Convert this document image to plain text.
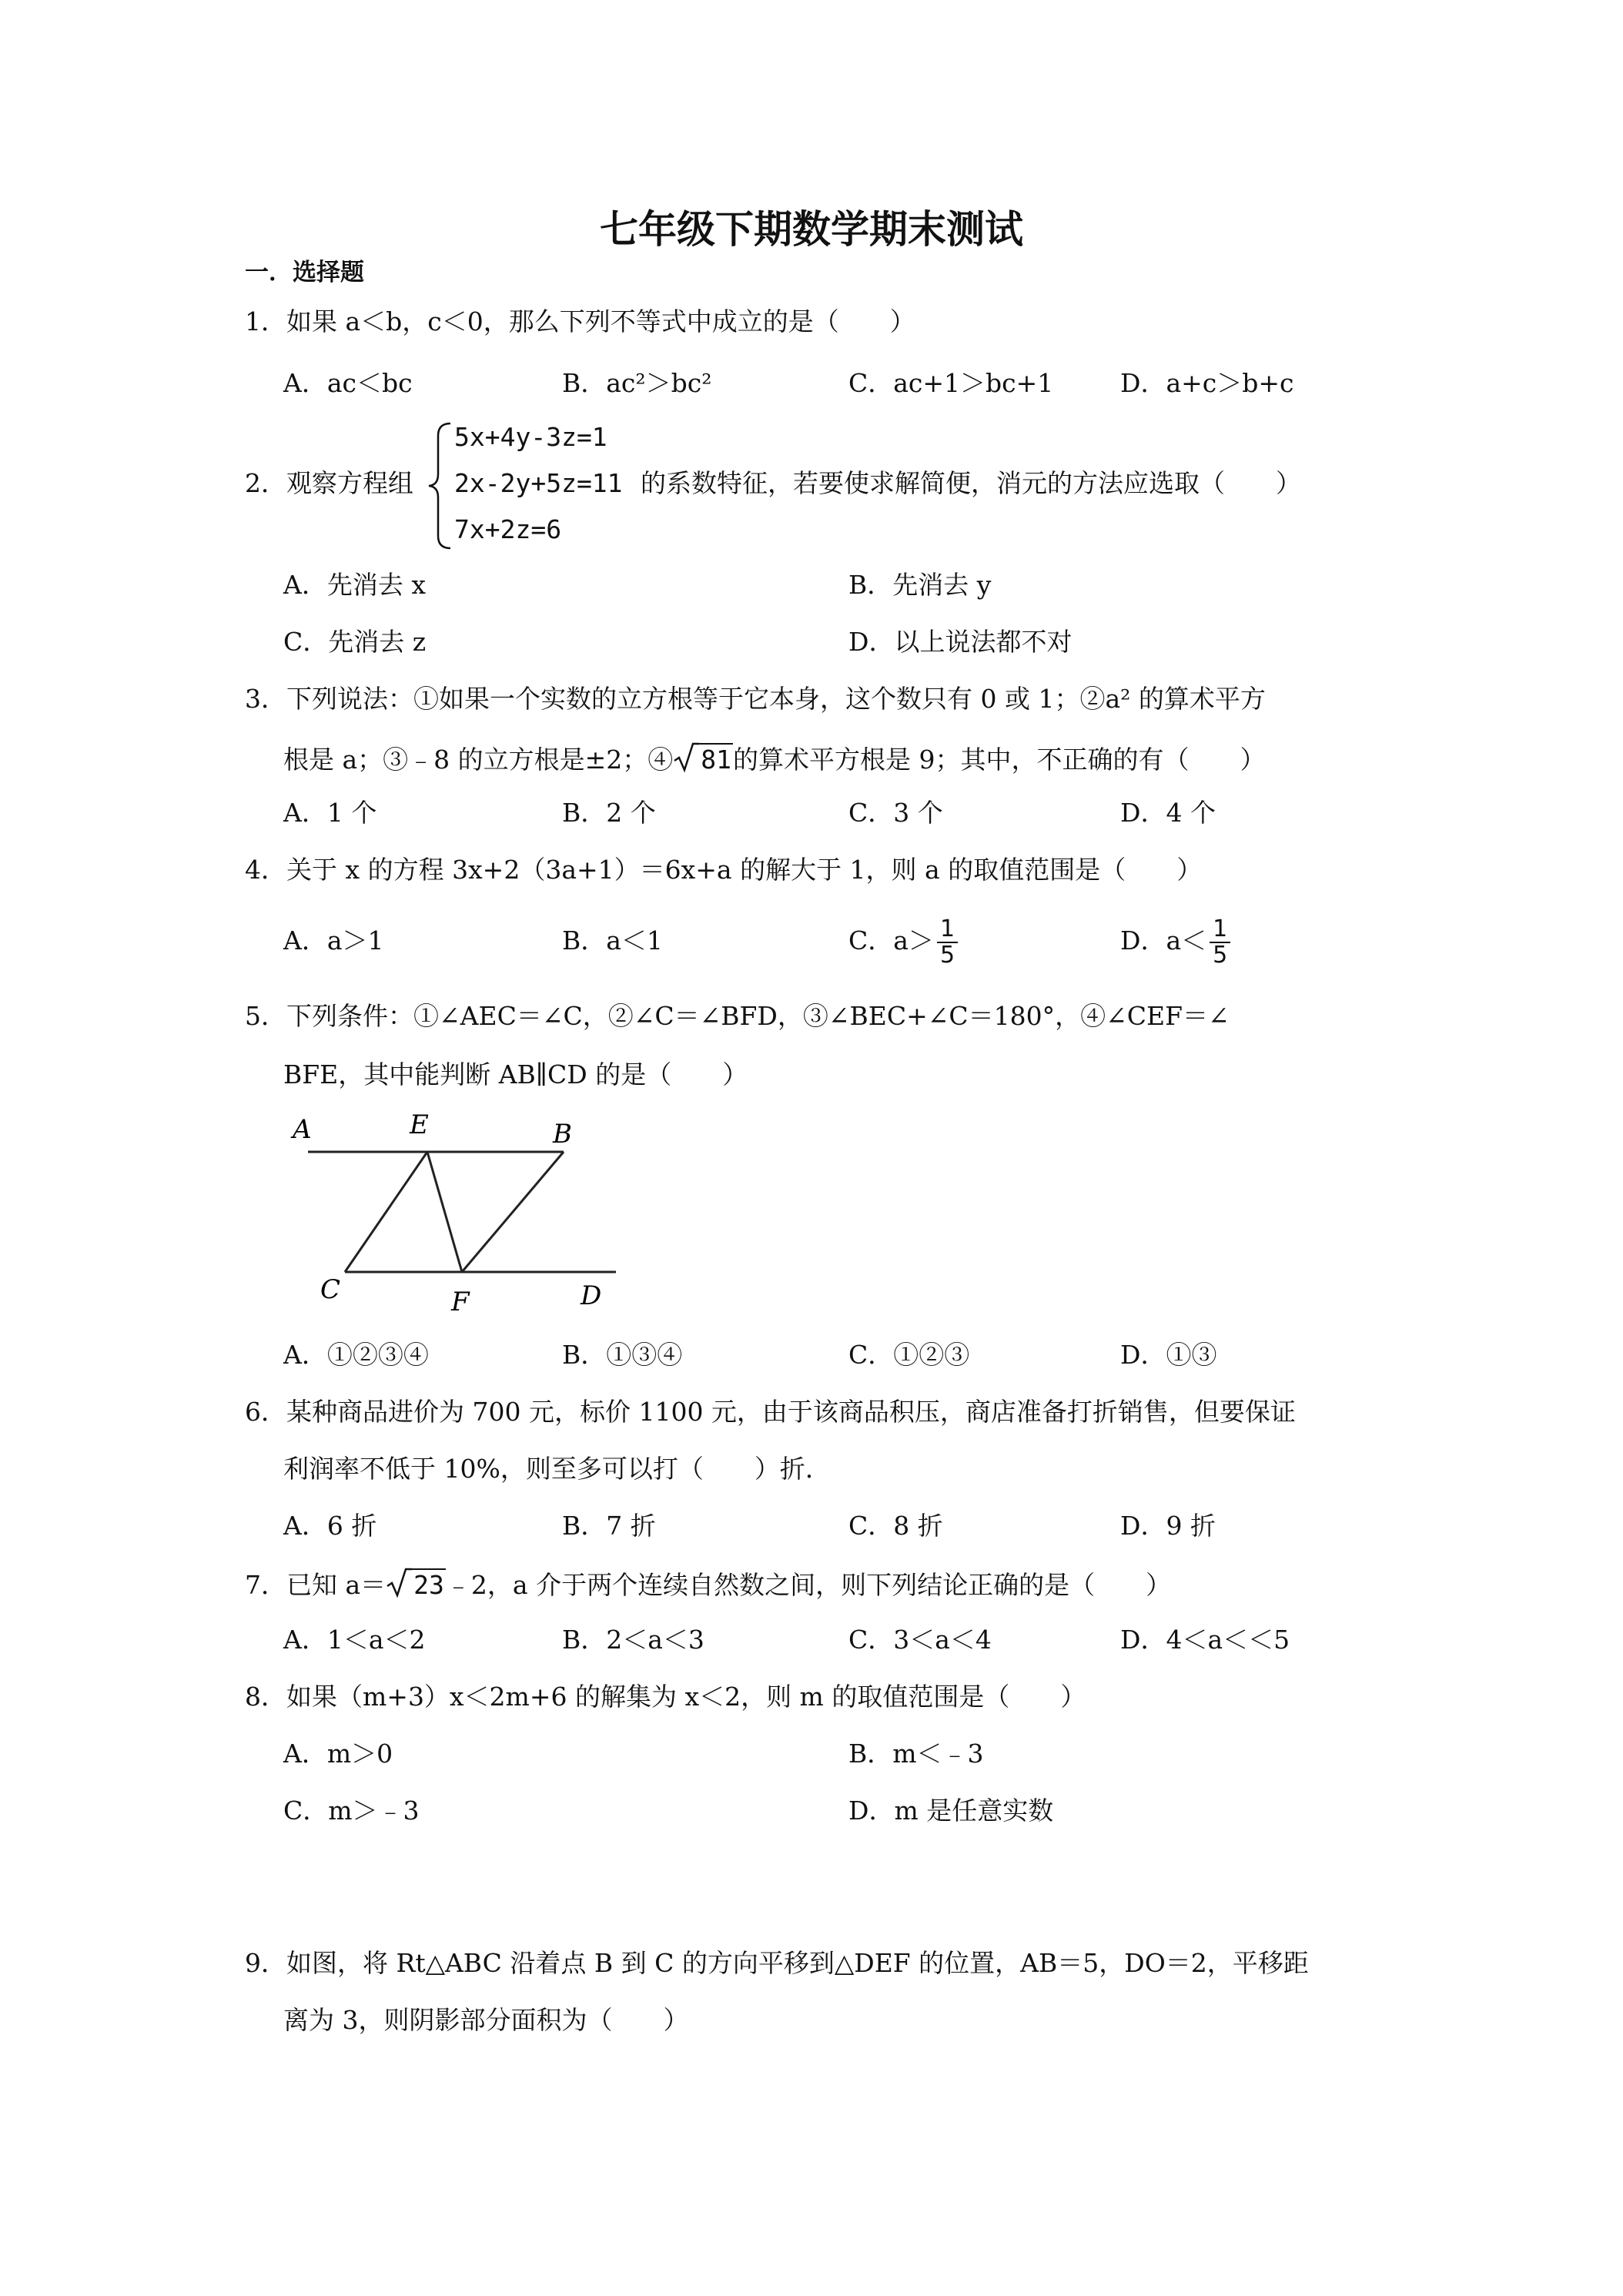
七年级下期数学期末测试
一．选择题
1．如果 a＜b，c＜0，那么下列不等式中成立的是（　　）
A．ac＜bc	B．ac²＞bc²	C．ac+1＞bc+1	D．a+c＞b+c
2．观察方程组
5x+4y-3z=1
2x-2y+5z=11
7x+2z=6
的系数特征，若要使求解简便，消元的方法应选取（　　）
A．先消去 x	B．先消去 y
C．先消去 z	D．以上说法都不对
3．下列说法：①如果一个实数的立方根等于它本身，这个数只有 0 或 1；②a² 的算术平方
根是 a；③﹣8 的立方根是±2；④ 81的算术平方根是 9；其中，不正确的有（　　）
A．1 个	B．2 个	C．3 个	D．4 个
4．关于 x 的方程 3x+2（3a+1）＝6x+a 的解大于 1，则 a 的取值范围是（　　）
A．a＞1	B．a＜1	C．$a> \frac{1}{5}$	D．$a< \frac{1}{5}$
5．下列条件：①∠AEC＝∠C，②∠C＝∠BFD，③∠BEC+∠C＝180°，④∠CEF＝∠
BFE，其中能判断 AB∥CD 的是（　　）
A	E	B
C	F	D
A．①②③④	B．①③④	C．①②③	D．①③
6．某种商品进价为 700 元，标价 1100 元，由于该商品积压，商店准备打折销售，但要保证
利润率不低于 10%，则至多可以打（　　）折．
A．6 折	B．7 折	C．8 折	D．9 折
7．已知 a＝ 23﹣2，a 介于两个连续自然数之间，则下列结论正确的是（　　）
A．1＜a＜2	B．2＜a＜3	C．3＜a＜4	D．4＜a＜＜5
8．如果（m+3）x＜2m+6 的解集为 x＜2，则 m 的取值范围是（　　）
A．m＞0	B．m＜﹣3
C．m＞﹣3	D．m 是任意实数
9．如图，将 Rt△ABC 沿着点 B 到 C 的方向平移到△DEF 的位置，AB＝5，DO＝2，平移距
离为 3，则阴影部分面积为（　　）
